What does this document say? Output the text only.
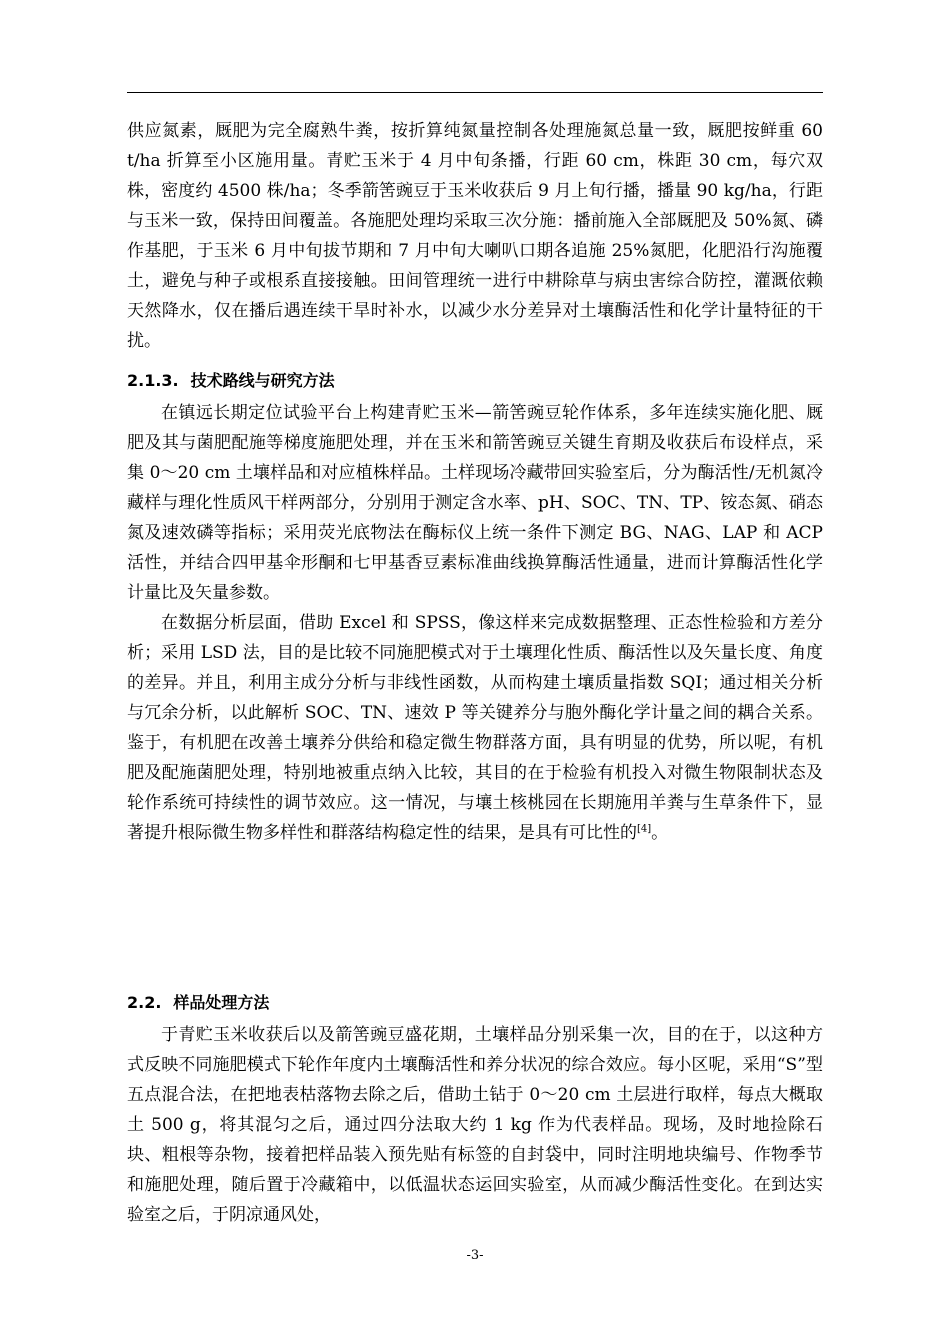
供应氮素，厩肥为完全腐熟牛粪，按折算纯氮量控制各处理施氮总量一致，厩肥按鲜重 60 t/ha 折算至小区施用量。青贮玉米于 4 月中旬条播，行距 60 cm，株距 30 cm，每穴双株，密度约 4500 株/ha；冬季箭筈豌豆于玉米收获后 9 月上旬行播，播量 90 kg/ha，行距与玉米一致，保持田间覆盖。各施肥处理均采取三次分施：播前施入全部厩肥及 50%氮、磷作基肥，于玉米 6 月中旬拔节期和 7 月中旬大喇叭口期各追施 25%氮肥，化肥沿行沟施覆土，避免与种子或根系直接接触。田间管理统一进行中耕除草与病虫害综合防控，灌溉依赖天然降水，仅在播后遇连续干旱时补水，以减少水分差异对土壤酶活性和化学计量特征的干扰。

2.1.3. 技术路线与研究方法

在镇远长期定位试验平台上构建青贮玉米—箭筈豌豆轮作体系，多年连续实施化肥、厩肥及其与菌肥配施等梯度施肥处理，并在玉米和箭筈豌豆关键生育期及收获后布设样点，采集 0～20 cm 土壤样品和对应植株样品。土样现场冷藏带回实验室后，分为酶活性/无机氮冷藏样与理化性质风干样两部分，分别用于测定含水率、pH、SOC、TN、TP、铵态氮、硝态氮及速效磷等指标；采用荧光底物法在酶标仪上统一条件下测定 BG、NAG、LAP 和 ACP 活性，并结合四甲基伞形酮和七甲基香豆素标准曲线换算酶活性通量，进而计算酶活性化学计量比及矢量参数。

在数据分析层面，借助 Excel 和 SPSS，像这样来完成数据整理、正态性检验和方差分析；采用 LSD 法，目的是比较不同施肥模式对于土壤理化性质、酶活性以及矢量长度、角度的差异。并且，利用主成分分析与非线性函数，从而构建土壤质量指数 SQI；通过相关分析与冗余分析，以此解析 SOC、TN、速效 P 等关键养分与胞外酶化学计量之间的耦合关系。鉴于，有机肥在改善土壤养分供给和稳定微生物群落方面，具有明显的优势，所以呢，有机肥及配施菌肥处理，特别地被重点纳入比较，其目的在于检验有机投入对微生物限制状态及轮作系统可持续性的调节效应。这一情况，与壤土核桃园在长期施用羊粪与生草条件下，显著提升根际微生物多样性和群落结构稳定性的结果，是具有可比性的[4]。

2.2. 样品处理方法

于青贮玉米收获后以及箭筈豌豆盛花期，土壤样品分别采集一次，目的在于，以这种方式反映不同施肥模式下轮作年度内土壤酶活性和养分状况的综合效应。每小区呢，采用“S”型五点混合法，在把地表枯落物去除之后，借助土钻于 0～20 cm 土层进行取样，每点大概取土 500 g，将其混匀之后，通过四分法取大约 1 kg 作为代表样品。现场，及时地捡除石块、粗根等杂物，接着把样品装入预先贴有标签的自封袋中，同时注明地块编号、作物季节和施肥处理，随后置于冷藏箱中，以低温状态运回实验室，从而减少酶活性变化。在到达实验室之后，于阴凉通风处，

-3-
